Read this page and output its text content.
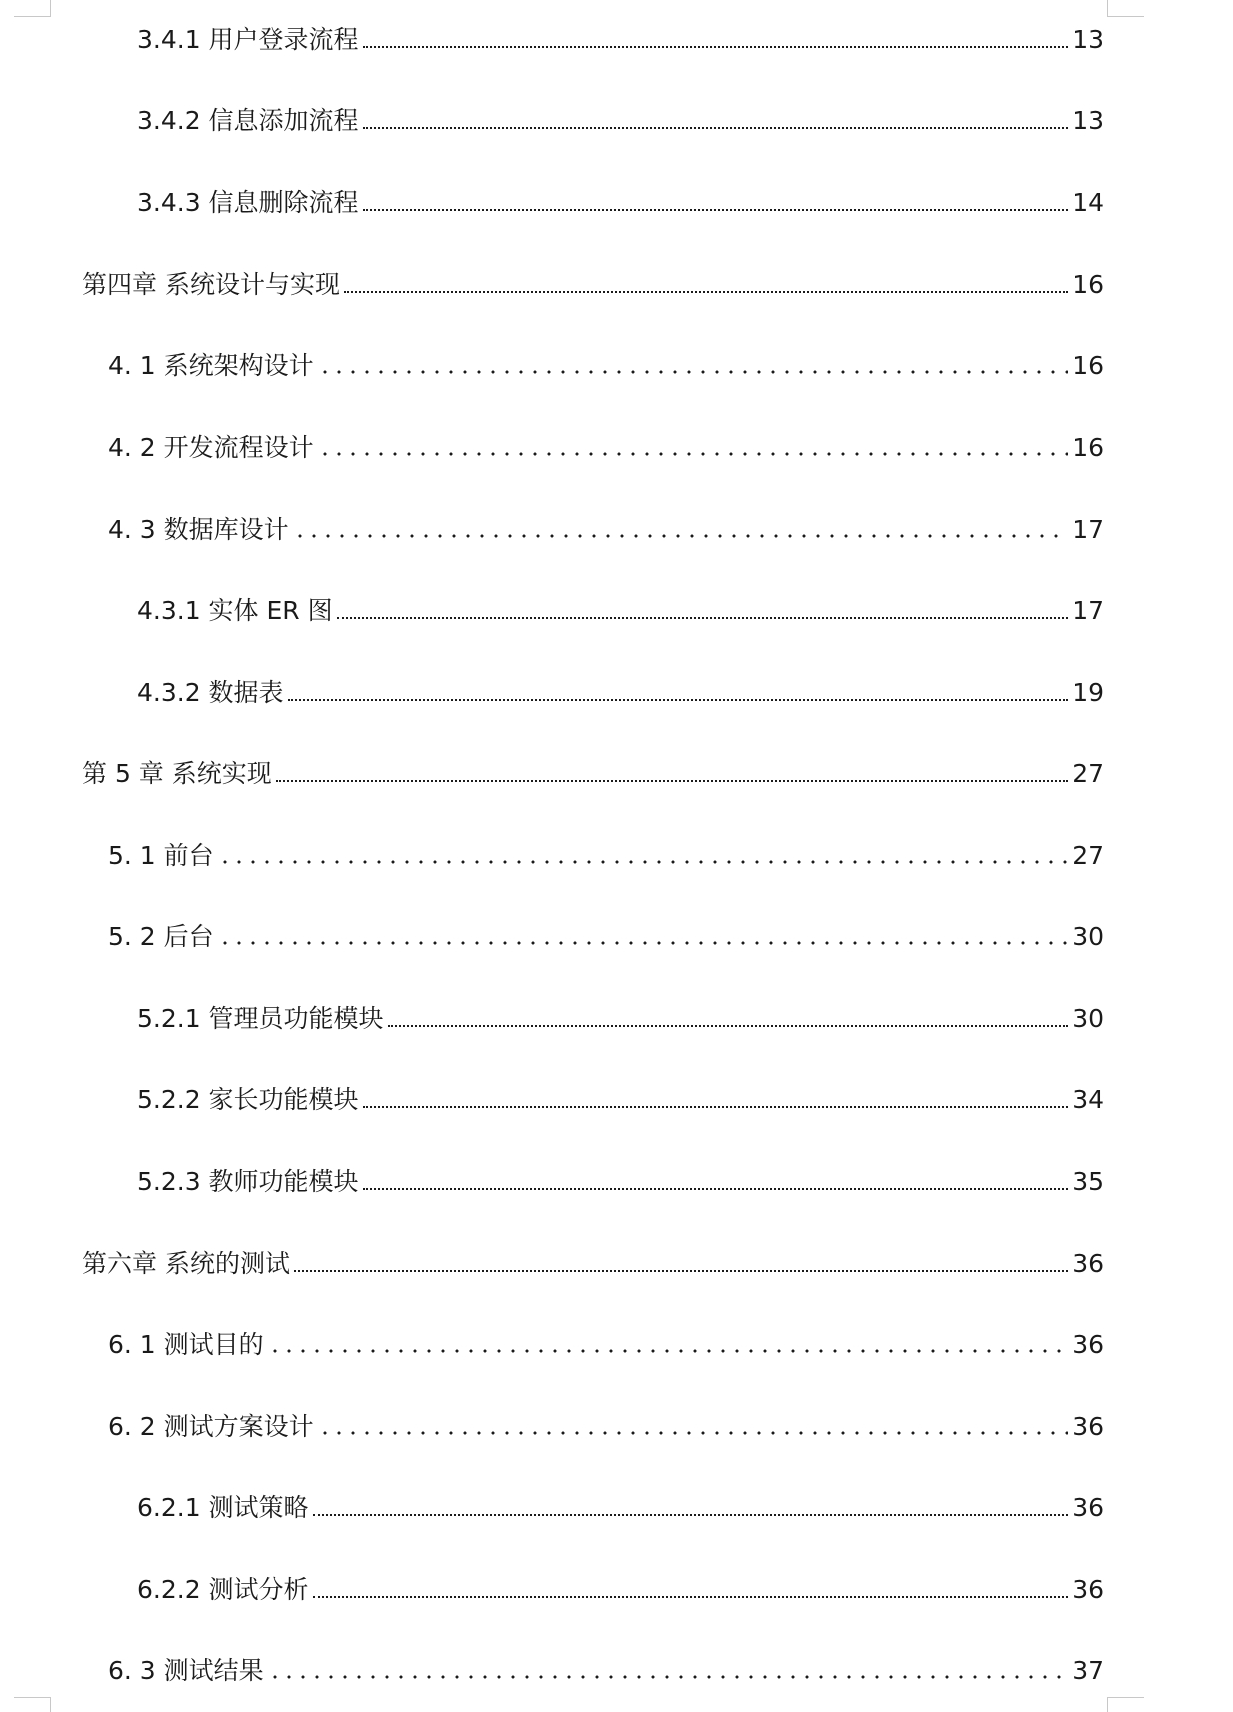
3.4.1 用户登录流程	13
3.4.2 信息添加流程	13
3.4.3 信息删除流程	14
第四章 系统设计与实现	16
4. 1 系统架构设计	16
4. 2 开发流程设计	16
4. 3 数据库设计	17
4.3.1 实体 ER 图	17
4.3.2 数据表	19
第 5 章 系统实现	27
5. 1 前台	27
5. 2 后台	30
5.2.1 管理员功能模块	30
5.2.2 家长功能模块	34
5.2.3 教师功能模块	35
第六章 系统的测试	36
6. 1 测试目的	36
6. 2 测试方案设计	36
6.2.1 测试策略	36
6.2.2 测试分析	36
6. 3 测试结果	37
